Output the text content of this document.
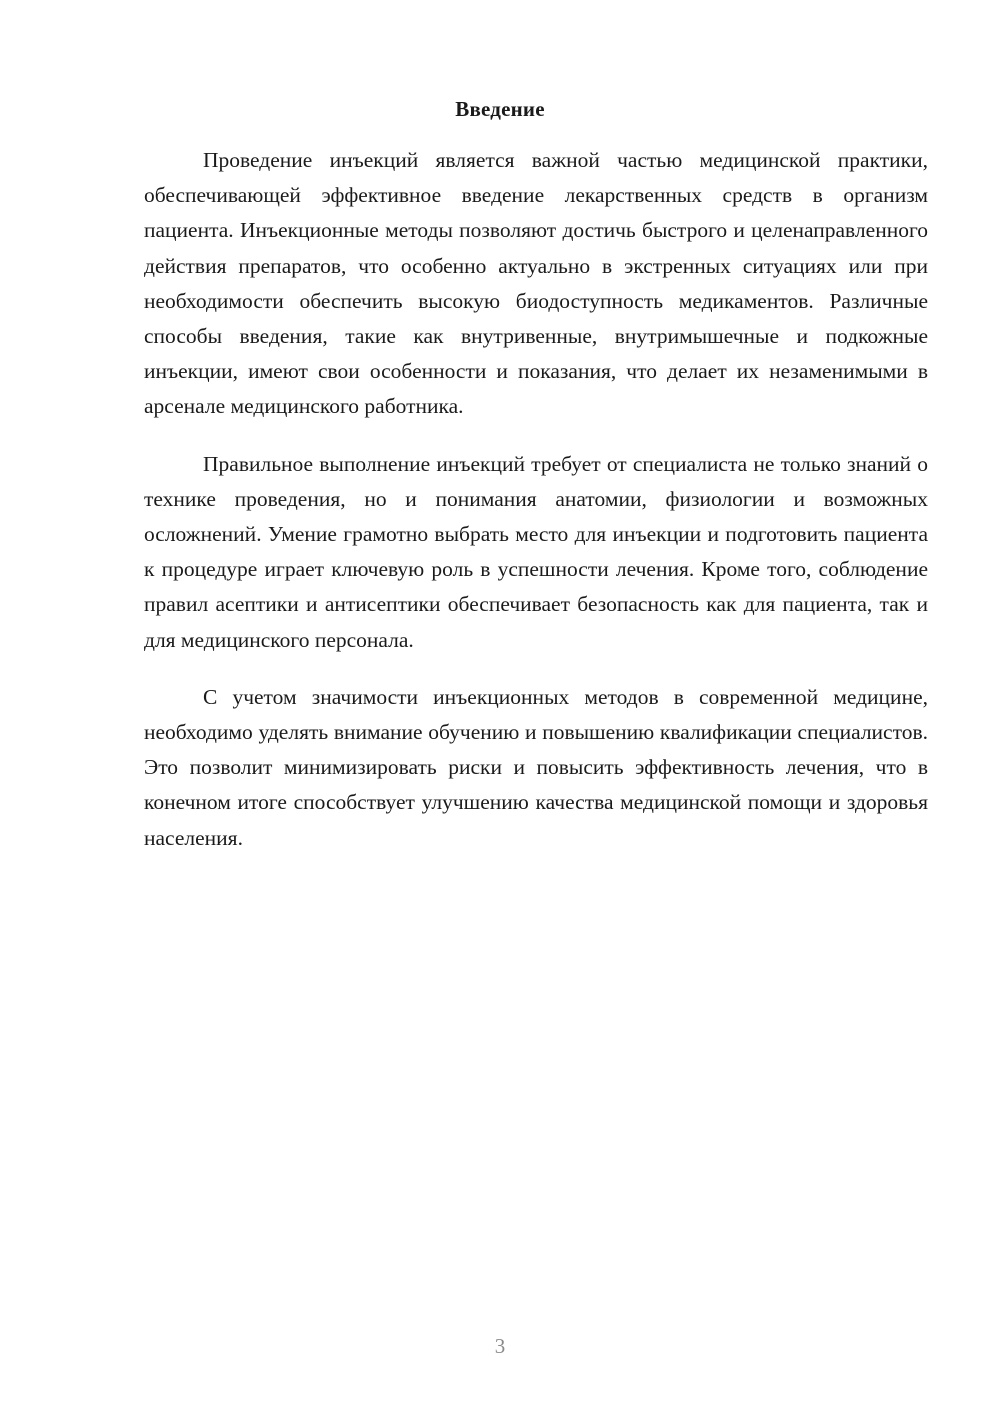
Введение

Проведение инъекций является важной частью медицинской практики, обеспечивающей эффективное введение лекарственных средств в организм пациента. Инъекционные методы позволяют достичь быстрого и целенаправленного действия препаратов, что особенно актуально в экстренных ситуациях или при необходимости обеспечить высокую биодоступность медикаментов. Различные способы введения, такие как внутривенные, внутримышечные и подкожные инъекции, имеют свои особенности и показания, что делает их незаменимыми в арсенале медицинского работника.

Правильное выполнение инъекций требует от специалиста не только знаний о технике проведения, но и понимания анатомии, физиологии и возможных осложнений. Умение грамотно выбрать место для инъекции и подготовить пациента к процедуре играет ключевую роль в успешности лечения. Кроме того, соблюдение правил асептики и антисептики обеспечивает безопасность как для пациента, так и для медицинского персонала.

С учетом значимости инъекционных методов в современной медицине, необходимо уделять внимание обучению и повышению квалификации специалистов. Это позволит минимизировать риски и повысить эффективность лечения, что в конечном итоге способствует улучшению качества медицинской помощи и здоровья населения.

3
